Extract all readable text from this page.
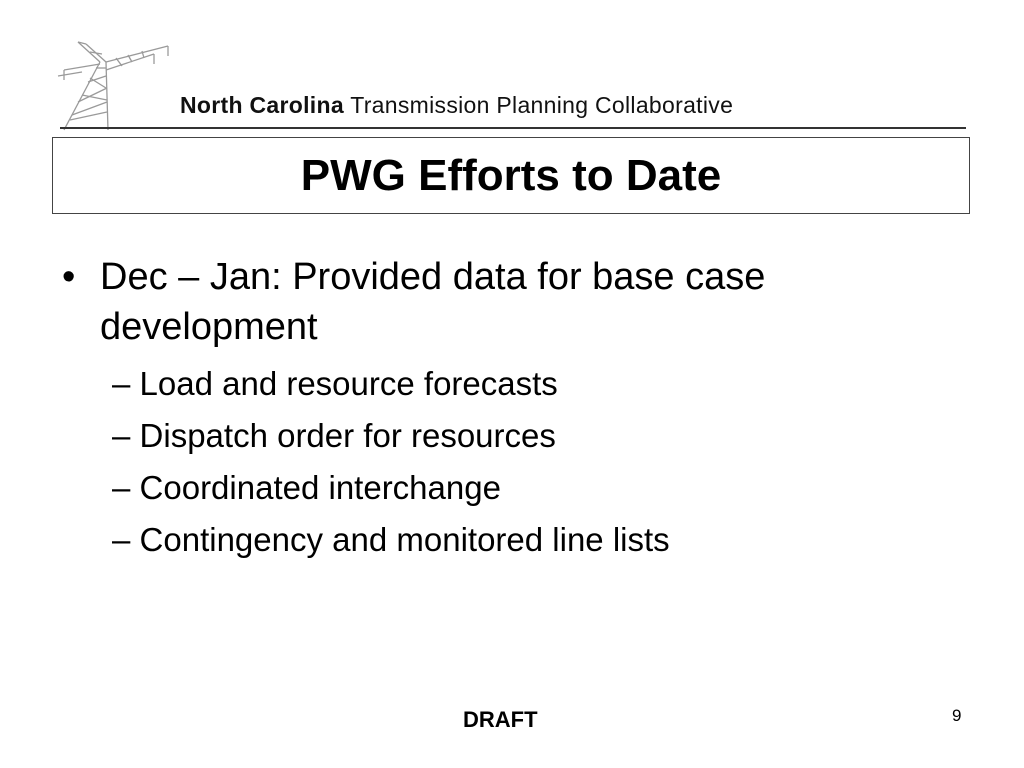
North Carolina Transmission Planning Collaborative
PWG Efforts to Date

• Dec – Jan: Provided data for base case development

– Load and resource forecasts

– Dispatch order for resources

– Coordinated interchange

– Contingency and monitored line lists

DRAFT	9
